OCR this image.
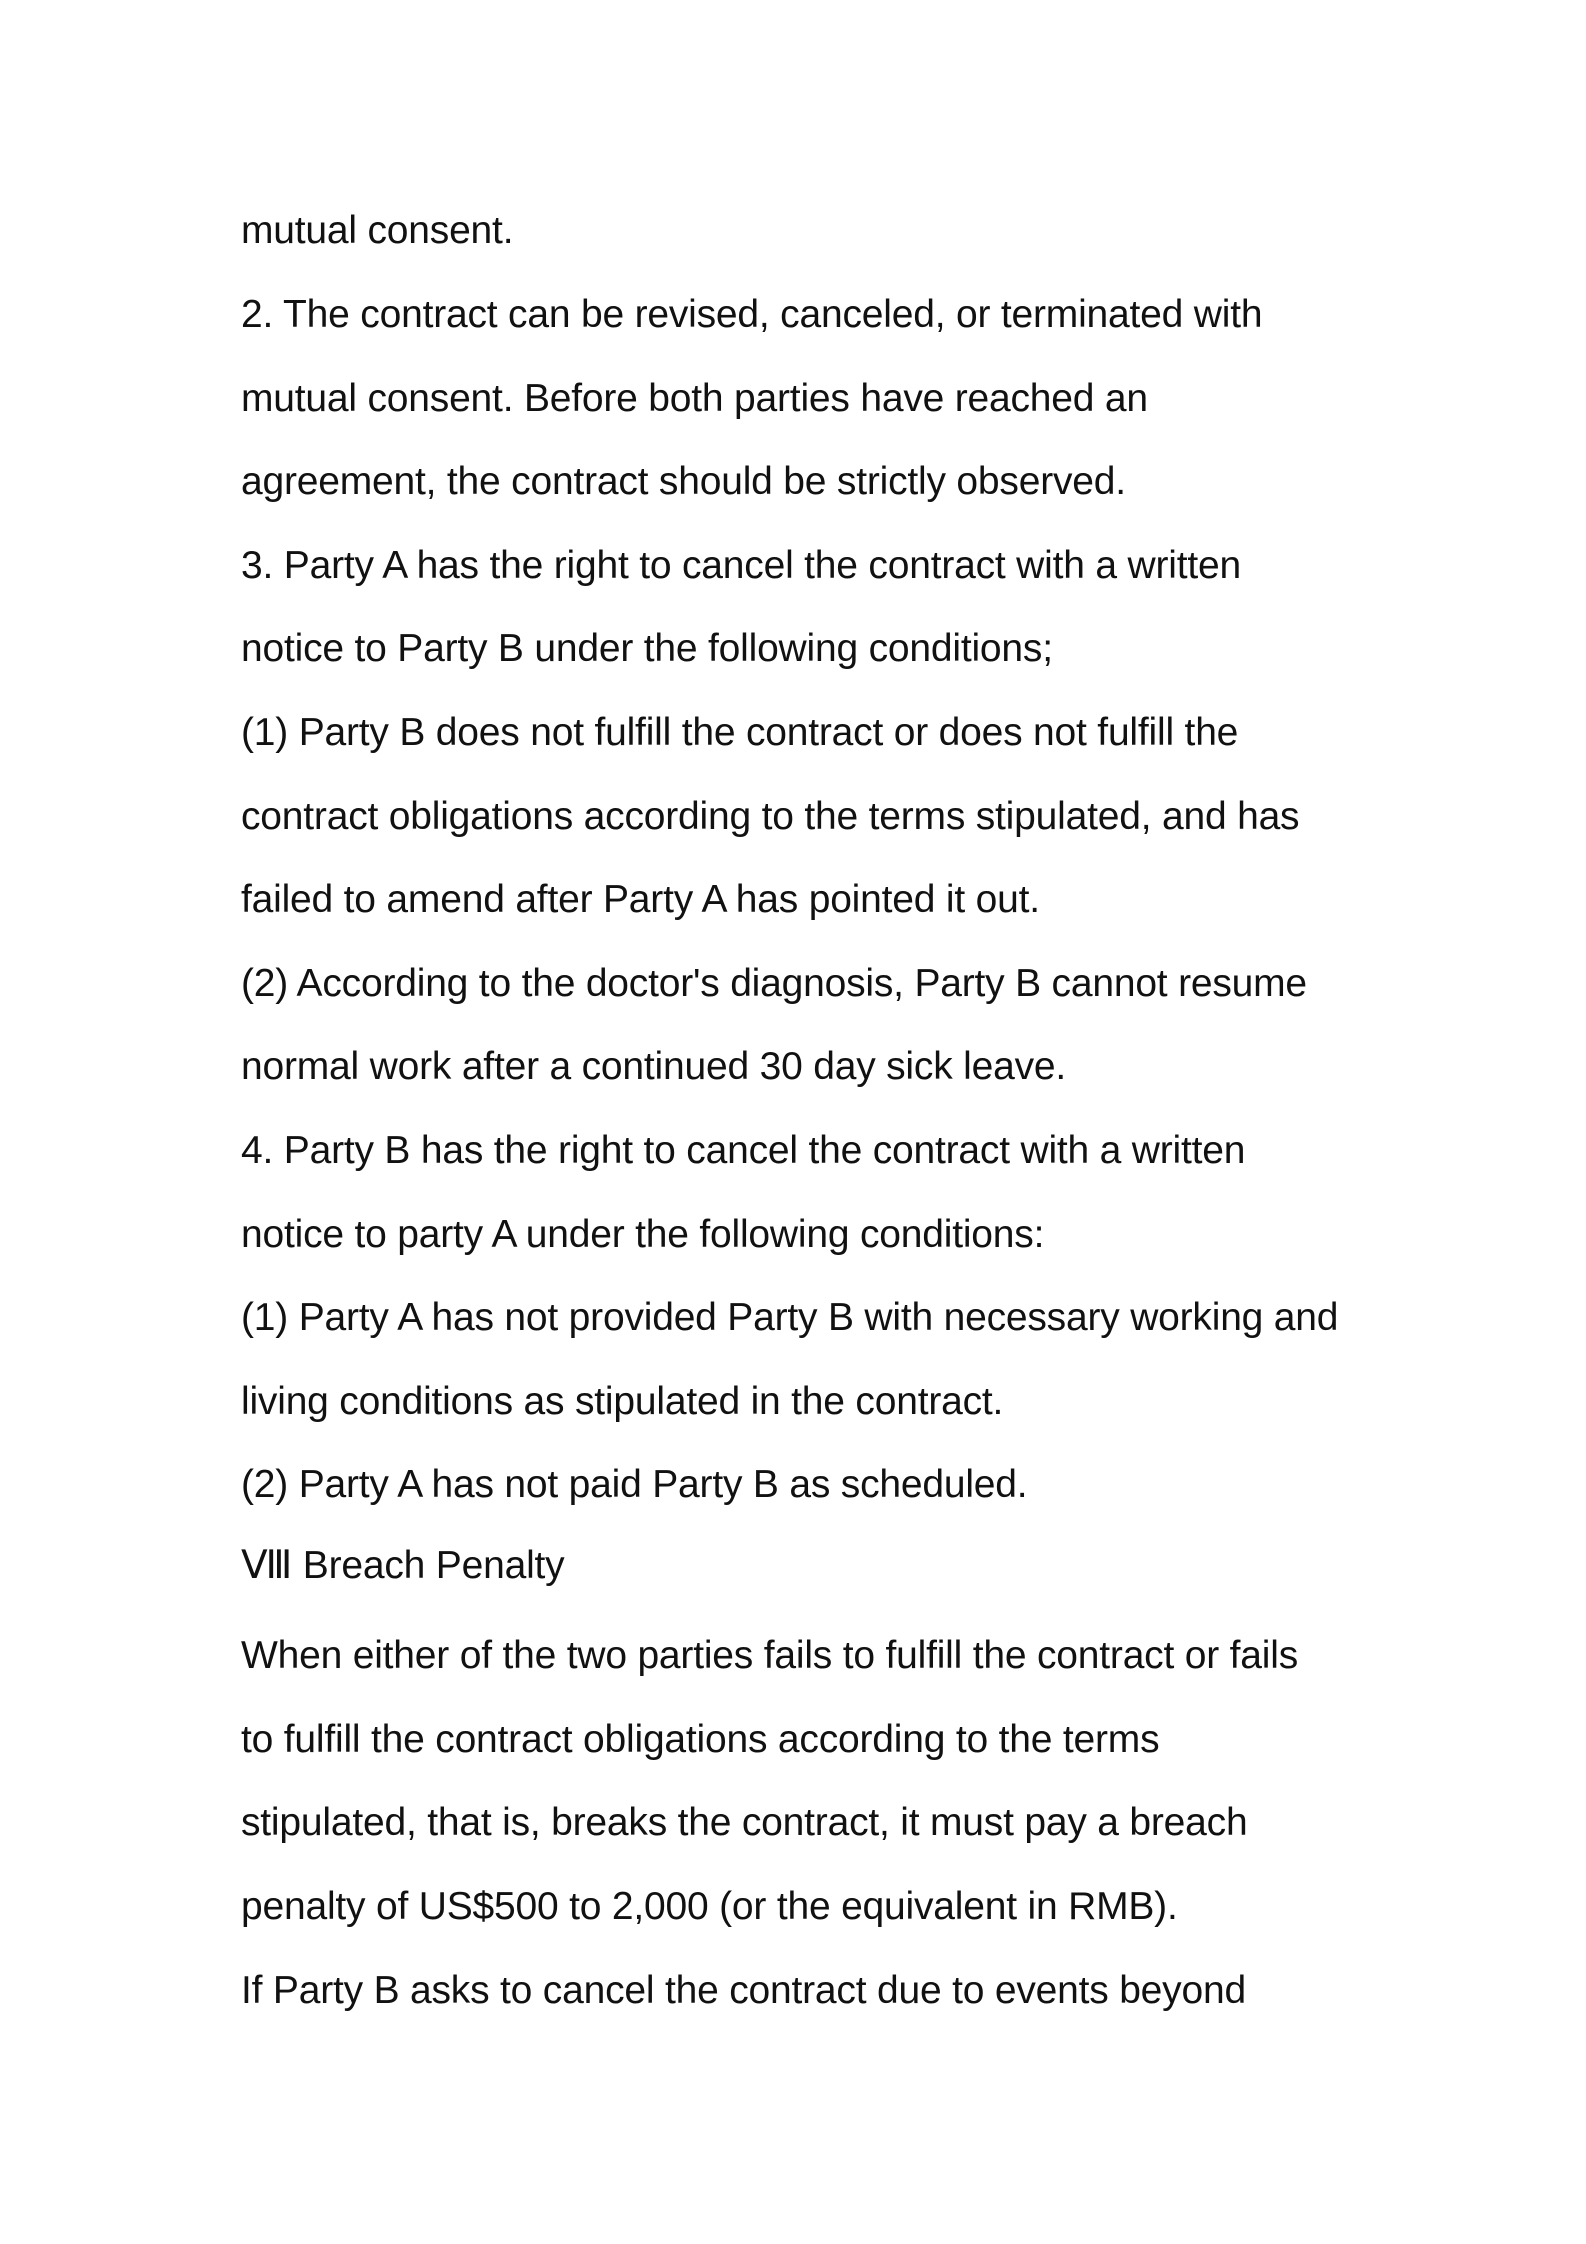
mutual consent.

2. The contract can be revised, canceled, or terminated with

mutual consent. Before both parties have reached an

agreement, the contract should be strictly observed.

3. Party A has the right to cancel the contract with a written

notice to Party B under the following conditions;

(1) Party B does not fulfill the contract or does not fulfill the

contract obligations according to the terms stipulated, and has

failed to amend after Party A has pointed it out.

(2) According to the doctor's diagnosis, Party B cannot resume

normal work after a continued 30 day sick leave.

4. Party B has the right to cancel the contract with a written

notice to party A under the following conditions:

(1) Party A has not provided Party B with necessary working and

living conditions as stipulated in the contract.

(2) Party A has not paid Party B as scheduled.

Ⅷ Breach Penalty

When either of the two parties fails to fulfill the contract or fails

to fulfill the contract obligations according to the terms

stipulated, that is, breaks the contract, it must pay a breach

penalty of US$500 to 2,000 (or the equivalent in RMB).

If Party B asks to cancel the contract due to events beyond
